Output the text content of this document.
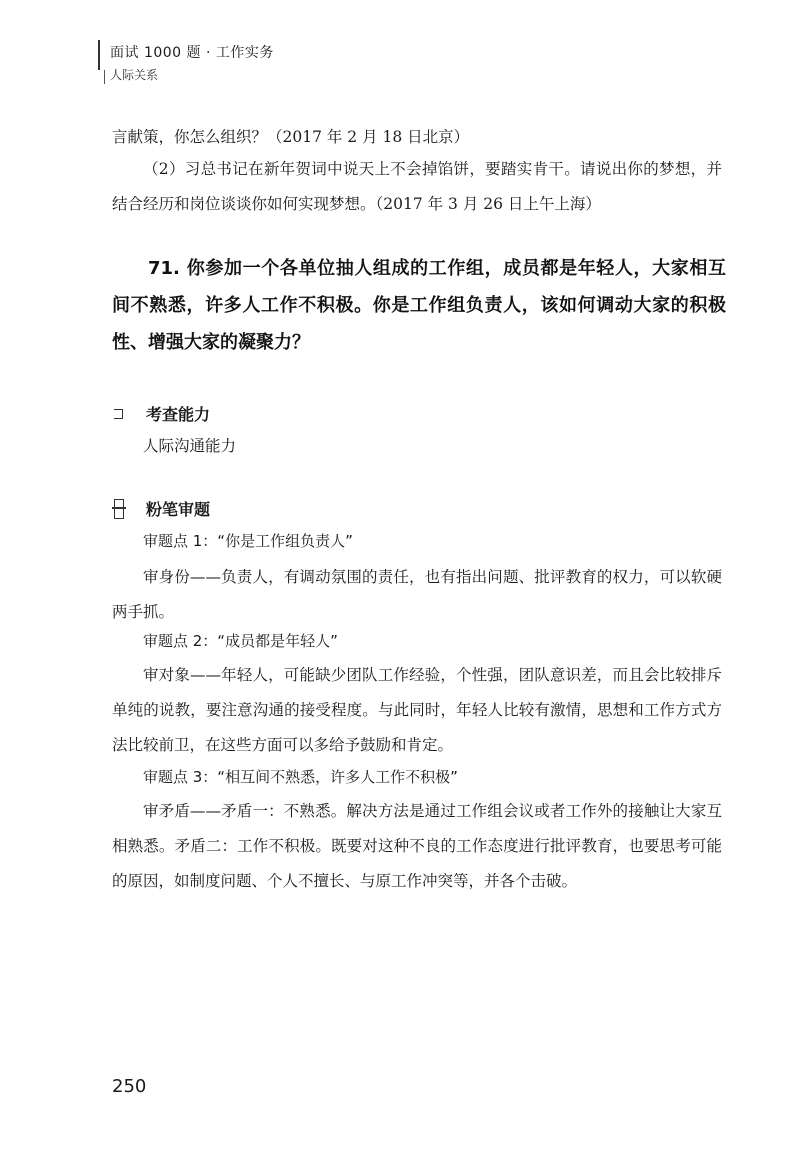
面试 1000 题 · 工作实务
人际关系
言献策，你怎么组织？（2017 年 2 月 18 日北京）
（2）习总书记在新年贺词中说天上不会掉馅饼，要踏实肯干。请说出你的梦想，并结合经历和岗位谈谈你如何实现梦想。（2017 年 3 月 26 日上午上海）
71. 你参加一个各单位抽人组成的工作组，成员都是年轻人，大家相互间不熟悉，许多人工作不积极。你是工作组负责人，该如何调动大家的积极性、增强大家的凝聚力？
考查能力
人际沟通能力
粉笔审题
审题点 1：“你是工作组负责人”
审身份——负责人，有调动氛围的责任，也有指出问题、批评教育的权力，可以软硬两手抓。
审题点 2：“成员都是年轻人”
审对象——年轻人，可能缺少团队工作经验，个性强，团队意识差，而且会比较排斥单纯的说教，要注意沟通的接受程度。与此同时，年轻人比较有激情，思想和工作方式方法比较前卫，在这些方面可以多给予鼓励和肯定。
审题点 3：“相互间不熟悉，许多人工作不积极”
审矛盾——矛盾一：不熟悉。解决方法是通过工作组会议或者工作外的接触让大家互相熟悉。矛盾二：工作不积极。既要对这种不良的工作态度进行批评教育，也要思考可能的原因，如制度问题、个人不擅长、与原工作冲突等，并各个击破。
250
